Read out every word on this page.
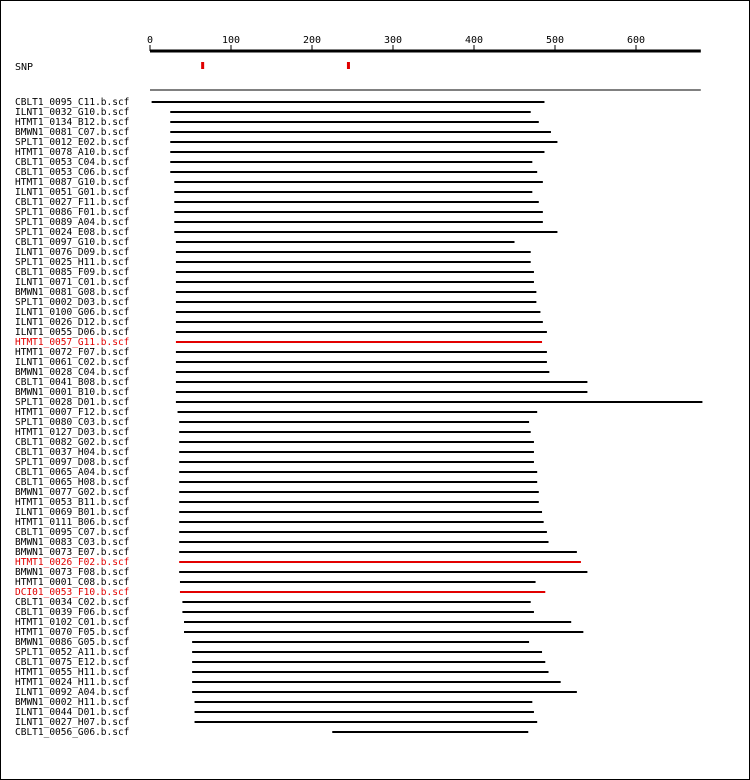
0	100	200	300	400	500	600
SNP
CBLT1_0095_C11.b.scf
ILNT1_0032_G10.b.scf
HTMT1_0134_B12.b.scf
BMWN1_0081_C07.b.scf
SPLT1_0012_E02.b.scf
HTMT1_0078_A10.b.scf
CBLT1_0053_C04.b.scf
CBLT1_0053_C06.b.scf
HTMT1_0087_G10.b.scf
ILNT1_0051_G01.b.scf
CBLT1_0027_F11.b.scf
SPLT1_0086_F01.b.scf
SPLT1_0089_A04.b.scf
SPLT1_0024_E08.b.scf
CBLT1_0097_G10.b.scf
ILNT1_0076_D09.b.scf
SPLT1_0025_H11.b.scf
CBLT1_0085_F09.b.scf
ILNT1_0071_C01.b.scf
BMWN1_0081_G08.b.scf
SPLT1_0002_D03.b.scf
ILNT1_0100_G06.b.scf
ILNT1_0026_D12.b.scf
ILNT1_0055_D06.b.scf
HTMT1_0057_G11.b.scf
HTMT1_0072_F07.b.scf
ILNT1_0061_C02.b.scf
BMWN1_0028_C04.b.scf
CBLT1_0041_B08.b.scf
BMWN1_0001_B10.b.scf
SPLT1_0028_D01.b.scf
HTMT1_0007_F12.b.scf
SPLT1_0080_C03.b.scf
HTMT1_0127_D03.b.scf
CBLT1_0082_G02.b.scf
CBLT1_0037_H04.b.scf
SPLT1_0097_D08.b.scf
CBLT1_0065_A04.b.scf
CBLT1_0065_H08.b.scf
BMWN1_0077_G02.b.scf
HTMT1_0053_B11.b.scf
ILNT1_0069_B01.b.scf
HTMT1_0111_B06.b.scf
CBLT1_0095_C07.b.scf
BMWN1_0083_C03.b.scf
BMWN1_0073_E07.b.scf
HTMT1_0026_F02.b.scf
BMWN1_0073_F08.b.scf
HTMT1_0001_C08.b.scf
DCI01_0053_F10.b.scf
CBLT1_0034_C02.b.scf
CBLT1_0039_F06.b.scf
HTMT1_0102_C01.b.scf
HTMT1_0070_F05.b.scf
BMWN1_0086_G05.b.scf
SPLT1_0052_A11.b.scf
CBLT1_0075_E12.b.scf
HTMT1_0055_H11.b.scf
HTMT1_0024_H11.b.scf
ILNT1_0092_A04.b.scf
BMWN1_0002_H11.b.scf
ILNT1_0044_D01.b.scf
ILNT1_0027_H07.b.scf
CBLT1_0056_G06.b.scf
